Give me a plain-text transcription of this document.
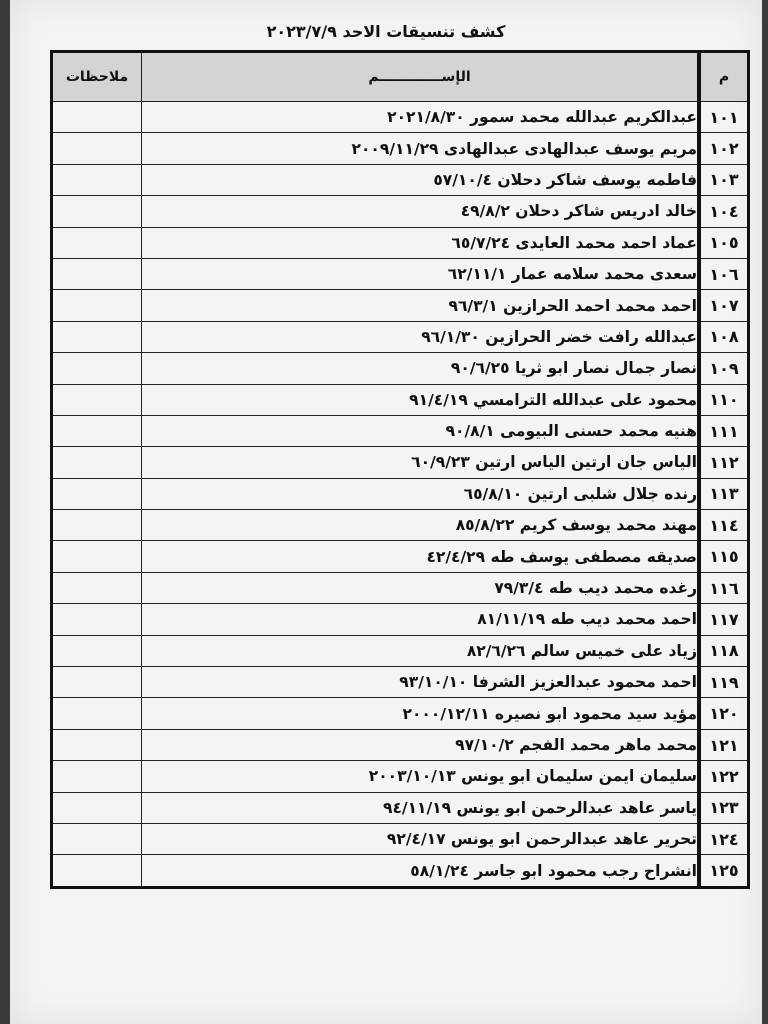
كشف تنسيقات الاحد ٢٠٢٣/٧/٩
م	الإســـــــــــــم	ملاحظات
١٠١	عبدالكريم عبدالله محمد سمور ٢٠٢١/٨/٣٠	
١٠٢	مريم يوسف عبدالهادى عبدالهادى ٢٠٠٩/١١/٢٩	
١٠٣	فاطمه يوسف شاكر دحلان ٥٧/١٠/٤	
١٠٤	خالد ادريس شاكر دحلان ٤٩/٨/٢	
١٠٥	عماد احمد محمد العايدى ٦٥/٧/٢٤	
١٠٦	سعدى محمد سلامه عمار ٦٢/١١/١	
١٠٧	احمد محمد احمد الحرازين ٩٦/٣/١	
١٠٨	عبدالله رافت خضر الحرازين ٩٦/١/٣٠	
١٠٩	نصار جمال نصار ابو ثريا ٩٠/٦/٢٥	
١١٠	محمود على عبدالله الترامسي ٩١/٤/١٩	
١١١	هنيه محمد حسنى البيومى ٩٠/٨/١	
١١٢	الياس جان ارتين الياس ارتين ٦٠/٩/٢٣	
١١٣	رنده جلال شلبى ارتين ٦٥/٨/١٠	
١١٤	مهند محمد يوسف كريم ٨٥/٨/٢٢	
١١٥	صديقه مصطفى يوسف طه ٤٢/٤/٢٩	
١١٦	رغده محمد ديب طه ٧٩/٣/٤	
١١٧	احمد محمد ديب طه ٨١/١١/١٩	
١١٨	زياد على خميس سالم ٨٢/٦/٢٦	
١١٩	احمد محمود عبدالعزيز الشرفا ٩٣/١٠/١٠	
١٢٠	مؤيد سيد محمود ابو نصيره ٢٠٠٠/١٢/١١	
١٢١	محمد ماهر محمد الفجم ٩٧/١٠/٢	
١٢٢	سليمان ايمن سليمان ابو يونس ٢٠٠٣/١٠/١٣	
١٢٣	ياسر عاهد عبدالرحمن ابو يونس ٩٤/١١/١٩	
١٢٤	تحرير عاهد عبدالرحمن ابو يونس ٩٢/٤/١٧	
١٢٥	انشراح رجب محمود ابو جاسر ٥٨/١/٢٤	
